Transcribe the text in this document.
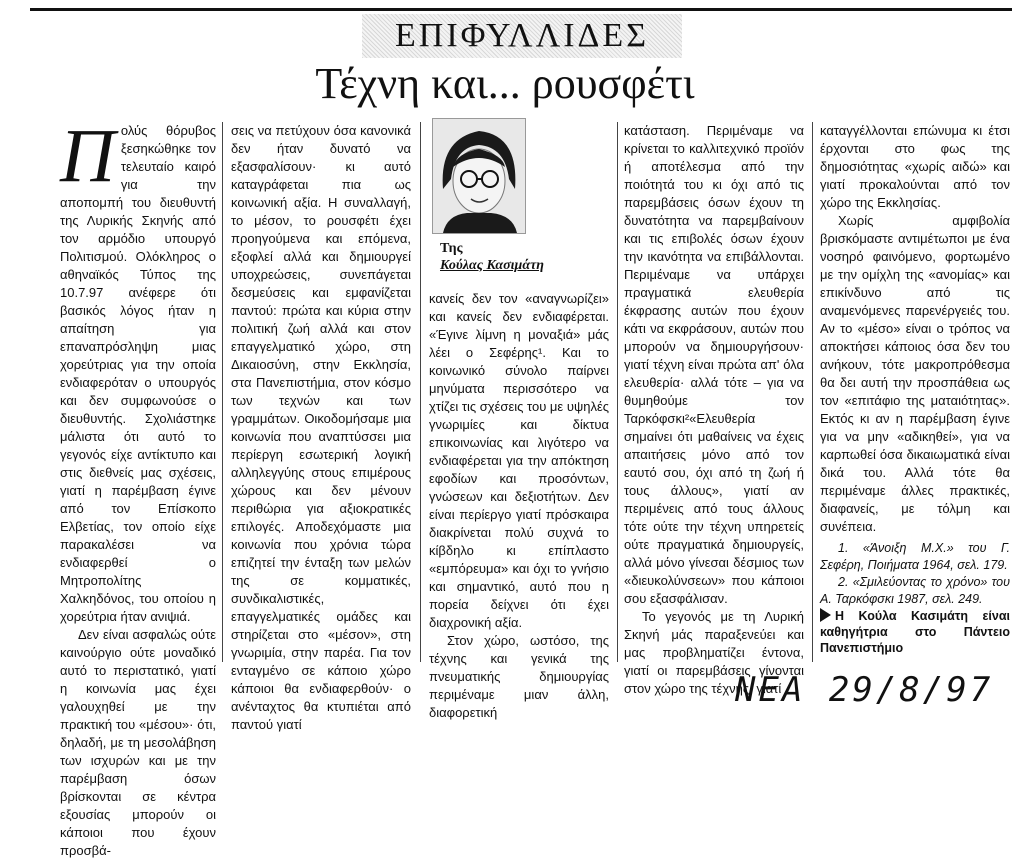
ΕΠΙΦΥΛΛΙΔΕΣ
Τέχνη και... ρουσφέτι

Πολύς θόρυβος ξεσηκώθηκε τον τελευταίο καιρό για την αποπομπή του διευθυντή της Λυρικής Σκηνής από τον αρμόδιο υπουργό Πολιτισμού. Ολόκληρος ο αθηναϊκός Τύπος της 10.7.97 ανέφερε ότι βασικός λόγος ήταν η απαίτηση για επαναπρόσληψη μιας χορεύτριας για την οποία ενδιαφερόταν ο υπουργός και δεν συμφωνούσε ο διευθυντής. Σχολιάστηκε μάλιστα ότι αυτό το γεγονός είχε αντίκτυπο και στις διεθνείς μας σχέσεις, γιατί η παρέμβαση έγινε από τον Επίσκοπο Ελβετίας, τον οποίο είχε παρακαλέσει να ενδιαφερθεί ο Μητροπολίτης Χαλκηδόνος, του οποίου η χορεύτρια ήταν ανιψιά.

Δεν είναι ασφαλώς ούτε καινούργιο ούτε μοναδικό αυτό το περιστατικό, γιατί η κοινωνία μας έχει γαλουχηθεί με την πρακτική του «μέσου»· ότι, δηλαδή, με τη μεσολάβηση των ισχυρών και με την παρέμβαση όσων βρίσκονται σε κέντρα εξουσίας μπορούν οι κάποιοι που έχουν προσβά-

σεις να πετύχουν όσα κανονικά δεν ήταν δυνατό να εξασφαλίσουν· κι αυτό καταγράφεται πια ως κοινωνική αξία. Η συναλλαγή, το μέσον, το ρουσφέτι έχει προηγούμενα και επόμενα, εξοφλεί αλλά και δημιουργεί υποχρεώσεις, συνεπάγεται δεσμεύσεις και εμφανίζεται παντού: πρώτα και κύρια στην πολιτική ζωή αλλά και στον επαγγελματικό χώρο, στη Δικαιοσύνη, στην Εκκλησία, στα Πανεπιστήμια, στον κόσμο των τεχνών και των γραμμάτων. Οικοδομήσαμε μια κοινωνία που αναπτύσσει μια περίεργη εσωτερική λογική αλληλεγγύης στους επιμέρους χώρους και δεν μένουν περιθώρια για αξιοκρατικές επιλογές. Αποδεχόμαστε μια κοινωνία που χρόνια τώρα επιζητεί την ένταξη των μελών της σε κομματικές, συνδικαλιστικές, επαγγελματικές ομάδες και στηρίζεται στο «μέσον», στη γνωριμία, στην παρέα. Για τον ενταγμένο σε κάποιο χώρο κάποιοι θα ενδιαφερθούν· ο ανένταχτος θα κτυπιέται από παντού γιατί

Της
Κούλας Κασιμάτη

κανείς δεν τον «αναγνωρίζει» και κανείς δεν ενδιαφέρεται. «Έγινε λίμνη η μοναξιά» μάς λέει ο Σεφέρης¹. Και το κοινωνικό σύνολο παίρνει μηνύματα περισσότερο να χτίζει τις σχέσεις του με υψηλές γνωριμίες και δίκτυα επικοινωνίας και λιγότερο να ενδιαφέρεται για την απόκτηση εφοδίων και προσόντων, γνώσεων και δεξιοτήτων. Δεν είναι περίεργο γιατί πρόσκαιρα διακρίνεται πολύ συχνά το κίβδηλο κι επίπλαστο «εμπόρευμα» και όχι το γνήσιο και σημαντικό, αυτό που η πορεία δείχνει ότι έχει διαχρονική αξία.

Στον χώρο, ωστόσο, της τέχνης και γενικά της πνευματικής δημιουργίας περιμέναμε μιαν άλλη, διαφορετική

κατάσταση. Περιμέναμε να κρίνεται το καλλιτεχνικό προϊόν ή αποτέλεσμα από την ποιότητά του κι όχι από τις παρεμβάσεις όσων έχουν τη δυνατότητα να παρεμβαίνουν και τις επιβολές όσων έχουν την ικανότητα να επιβάλλονται. Περιμέναμε να υπάρχει πραγματικά ελευθερία έκφρασης αυτών που έχουν κάτι να εκφράσουν, αυτών που μπορούν να δημιουργήσουν· γιατί τέχνη είναι πρώτα απ' όλα ελευθερία· αλλά τότε – για να θυμηθούμε τον Ταρκόφσκι²«Ελευθερία σημαίνει ότι μαθαίνεις να έχεις απαιτήσεις μόνο από τον εαυτό σου, όχι από τη ζωή ή τους άλλους», γιατί αν περιμένεις από τους άλλους τότε ούτε την τέχνη υπηρετείς ούτε πραγματικά δημιουργείς, αλλά μόνο γίνεσαι δέσμιος των «διευκολύνσεων» που κάποιοι σου εξασφάλισαν.

Το γεγονός με τη Λυρική Σκηνή μάς παραξενεύει και μας προβληματίζει έντονα, γιατί οι παρεμβάσεις γίνονται στον χώρο της τέχνης, γιατί

καταγγέλλονται επώνυμα κι έτσι έρχονται στο φως της δημοσιότητας «χωρίς αιδώ» και γιατί προκαλούνται από τον χώρο της Εκκλησίας.

Χωρίς αμφιβολία βρισκόμαστε αντιμέτωποι με ένα νοσηρό φαινόμενο, φορτωμένο με την ομίχλη της «ανομίας» και επικίνδυνο από τις αναμενόμενες παρενέργειές του. Αν το «μέσο» είναι ο τρόπος να αποκτήσει κάποιος όσα δεν του ανήκουν, τότε μακροπρόθεσμα θα δει αυτή την προσπάθεια ως τον «επιτάφιο της ματαιότητας». Εκτός κι αν η παρέμβαση έγινε για να μην «αδικηθεί», για να καρπωθεί όσα δικαιωματικά είναι δικά του. Αλλά τότε θα περιμέναμε άλλες πρακτικές, διαφανείς, με τόλμη και συνέπεια.

1. «Άνοιξη Μ.Χ.» του Γ. Σεφέρη, Ποιήματα 1964, σελ. 179.

2. «Σμιλεύοντας το χρόνο» του Α. Ταρκόφσκι 1987, σελ. 249.

Η Κούλα Κασιμάτη είναι καθηγήτρια στο Πάντειο Πανεπιστήμιο

ΝΕΑ 29/8/97
